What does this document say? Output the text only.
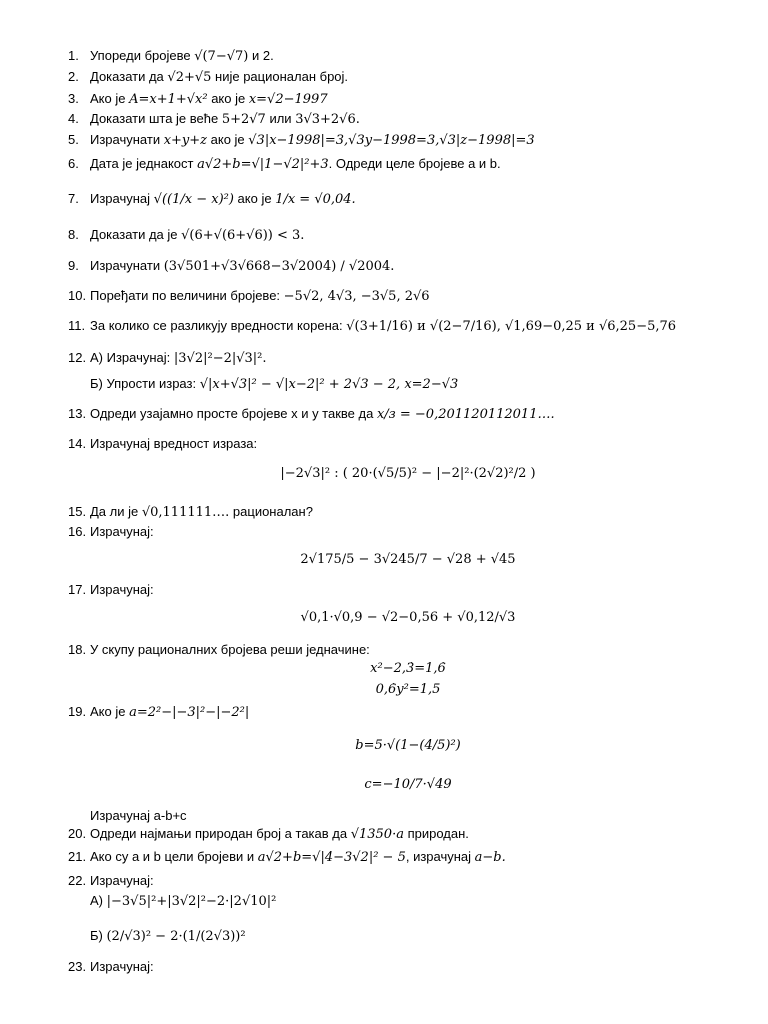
1. Упореди бројеве √(7−√7) и 2.
2. Доказати да √2+√5 није рационалан број.
3. Ако је A=x+1+√x² ако је x=√2−1997
4. Доказати шта је веће 5+2√7 или 3√3+2√6.
5. Израчунати x+y+z ако је √3|x−1998|=3,√3y−1998=3,√3|z−1998|=3
6. Дата је једнакост a√2+b=√|1−√2|²+3. Одреди целе бројеве a и b.
7. Израчунај √((1/x − x)²) ако је 1/x = √0,04.
8. Доказати да је √(6+√(6+√6)) < 3.
9. Израчунати (3√501+√3√668−3√2004) / √2004.
10. Поређати по величини бројеве: −5√2, 4√3, −3√5, 2√6
11. За колико се разликују вредности корена: √(3+1/16) и √(2−7/16), √1,69−0,25 и √6,25−5,76
12. А) Израчунај: |3√2|²−2|√3|².
Б) Упрости израз: √|x+√3|² − √|x−2|² + 2√3 − 2, x=2−√3
13. Одреди узајамно просте бројеве x и y такве да x/з = −0,201120112011….
14. Израчунај вредност израза:
|−2√3|² : ( 20·(√5/5)² − |−2|²·(2√2)²/2 )
15. Да ли је √0,111111…. рационалан?
16. Израчунај:
2√175/5 − 3√245/7 − √28 + √45
17. Израчунај:
√0,1·√0,9 − √2−0,56 + √0,12/√3
18. У скупу рационалних бројева реши једначине:
x²−2,3̇=1,6̇
0,6̇y²=1,5
19. Ако је a=2²−|−3|²−|−2²|
b=5·√(1−(4/5)²)
c=−10/7·√49
Израчунај a-b+c
20. Одреди најмањи природан број a такав да √1350·a природан.
21. Ако су a и b цели бројеви и a√2+b=√|4−3√2|² − 5, израчунај a−b.
22. Израчунај:
А) |−3√5|²+|3√2|²−2·|2√10|²
Б) (2/√3)² − 2·(1/(2√3))²
23. Израчунај:
